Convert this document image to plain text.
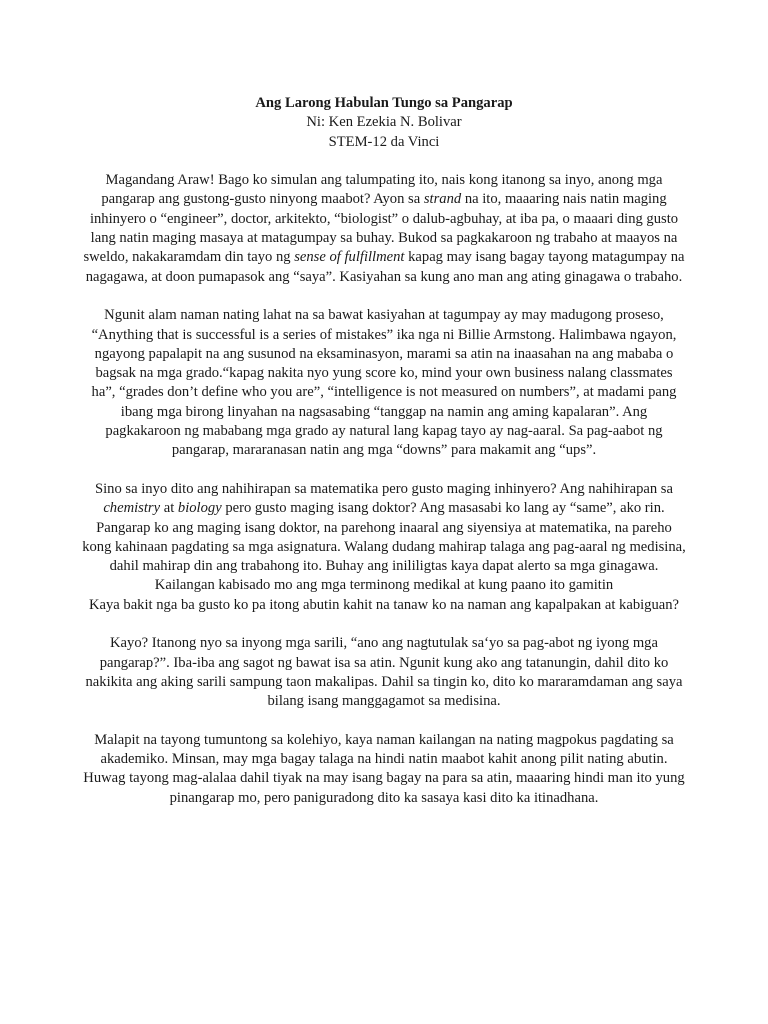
Ang Larong Habulan Tungo sa Pangarap
Ni: Ken Ezekia N. Bolivar
STEM-12 da Vinci

Magandang Araw! Bago ko simulan ang talumpating ito, nais kong itanong sa inyo, anong mga pangarap ang gustong-gusto ninyong maabot? Ayon sa strand na ito, maaaring nais natin maging inhinyero o “engineer”, doctor, arkitekto, “biologist” o dalub-agbuhay, at iba pa, o maaari ding gusto lang natin maging masaya at matagumpay sa buhay. Bukod sa pagkakaroon ng trabaho at maayos na sweldo, nakakaramdam din tayo ng sense of fulfillment kapag may isang bagay tayong matagumpay na nagagawa, at doon pumapasok ang “saya”. Kasiyahan sa kung ano man ang ating ginagawa o trabaho.

Ngunit alam naman nating lahat na sa bawat kasiyahan at tagumpay ay may madugong proseso, “Anything that is successful is a series of mistakes” ika nga ni Billie Armstong. Halimbawa ngayon, ngayong papalapit na ang susunod na eksaminasyon, marami sa atin na inaasahan na ang mababa o bagsak na mga grado.“kapag nakita nyo yung score ko, mind your own business nalang classmates ha”, “grades don’t define who you are”, “intelligence is not measured on numbers”, at madami pang ibang mga birong linyahan na nagsasabing “tanggap na namin ang aming kapalaran”. Ang pagkakaroon ng mababang mga grado ay natural lang kapag tayo ay nag-aaral. Sa pag-aabot ng pangarap, mararanasan natin ang mga “downs” para makamit ang “ups”.

Sino sa inyo dito ang nahihirapan sa matematika pero gusto maging inhinyero? Ang nahihirapan sa chemistry at biology pero gusto maging isang doktor? Ang masasabi ko lang ay “same”, ako rin.

Pangarap ko ang maging isang doktor, na parehong inaaral ang siyensiya at matematika, na pareho kong kahinaan pagdating sa mga asignatura. Walang dudang mahirap talaga ang pag-aaral ng medisina, dahil mahirap din ang trabahong ito. Buhay ang inililigtas kaya dapat alerto sa mga ginagawa. Kailangan kabisado mo ang mga terminong medikal at kung paano ito gamitin

Kaya bakit nga ba gusto ko pa itong abutin kahit na tanaw ko na naman ang kapalpakan at kabiguan?

Kayo? Itanong nyo sa inyong mga sarili, “ano ang nagtutulak sa‘yo sa pag-abot ng iyong mga pangarap?”. Iba-iba ang sagot ng bawat isa sa atin. Ngunit kung ako ang tatanungin, dahil dito ko nakikita ang aking sarili sampung taon makalipas. Dahil sa tingin ko, dito ko mararamdaman ang saya bilang isang manggagamot sa medisina.

Malapit na tayong tumuntong sa kolehiyo, kaya naman kailangan na nating magpokus pagdating sa akademiko. Minsan, may mga bagay talaga na hindi natin maabot kahit anong pilit nating abutin. Huwag tayong mag-alalaa dahil tiyak na may isang bagay na para sa atin, maaaring hindi man ito yung pinangarap mo, pero paniguradong dito ka sasaya kasi dito ka itinadhana.
